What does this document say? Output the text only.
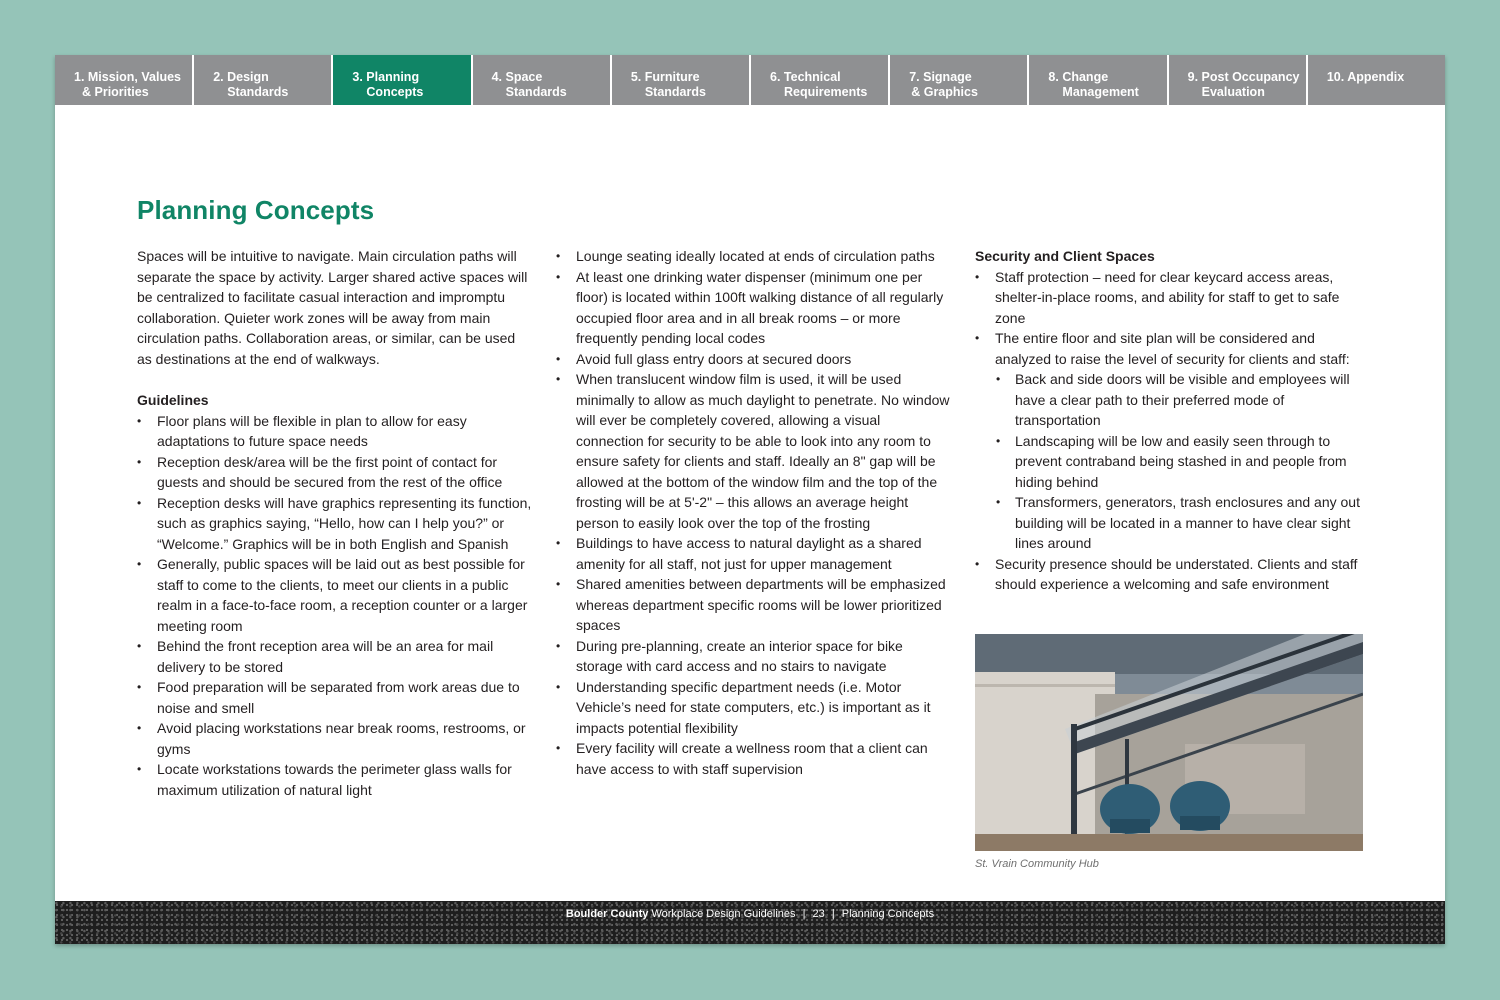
1. Mission, Values
& Priorities
2. Design
Standards
3. Planning
Concepts
4. Space
Standards
5. Furniture
Standards
6. Technical
Requirements
7. Signage
& Graphics
8. Change
Management
9. Post Occupancy
Evaluation
10. Appendix
Planning Concepts

Spaces will be intuitive to navigate. Main circulation paths will separate the space by activity. Larger shared active spaces will be centralized to facilitate casual interaction and impromptu collaboration. Quieter work zones will be away from main circulation paths. Collaboration areas, or similar, can be used as destinations at the end of walkways.

Guidelines
• Floor plans will be flexible in plan to allow for easy adaptations to future space needs
• Reception desk/area will be the first point of contact for guests and should be secured from the rest of the office
• Reception desks will have graphics representing its function, such as graphics saying, “Hello, how can I help you?” or “Welcome.” Graphics will be in both English and Spanish
• Generally, public spaces will be laid out as best possible for staff to come to the clients, to meet our clients in a public realm in a face-to-face room, a reception counter or a larger meeting room
• Behind the front reception area will be an area for mail delivery to be stored
• Food preparation will be separated from work areas due to noise and smell
• Avoid placing workstations near break rooms, restrooms, or gyms
• Locate workstations towards the perimeter glass walls for maximum utilization of natural light
• Lounge seating ideally located at ends of circulation paths
• At least one drinking water dispenser (minimum one per floor) is located within 100ft walking distance of all regularly occupied floor area and in all break rooms – or more frequently pending local codes
• Avoid full glass entry doors at secured doors
• When translucent window film is used, it will be used minimally to allow as much daylight to penetrate. No window will ever be completely covered, allowing a visual connection for security to be able to look into any room to ensure safety for clients and staff. Ideally an 8" gap will be allowed at the bottom of the window film and the top of the frosting will be at 5'-2" – this allows an average height person to easily look over the top of the frosting
• Buildings to have access to natural daylight as a shared amenity for all staff, not just for upper management
• Shared amenities between departments will be emphasized whereas department specific rooms will be lower prioritized spaces
• During pre-planning, create an interior space for bike storage with card access and no stairs to navigate
• Understanding specific department needs (i.e. Motor Vehicle’s need for state computers, etc.) is important as it impacts potential flexibility
• Every facility will create a wellness room that a client can have access to with staff supervision
Security and Client Spaces
• Staff protection – need for clear keycard access areas, shelter-in-place rooms, and ability for staff to get to safe zone
• The entire floor and site plan will be considered and analyzed to raise the level of security for clients and staff:
• Back and side doors will be visible and employees will have a clear path to their preferred mode of transportation
• Landscaping will be low and easily seen through to prevent contraband being stashed in and people from hiding behind
• Transformers, generators, trash enclosures and any out building will be located in a manner to have clear sight lines around
• Security presence should be understated. Clients and staff should experience a welcoming and safe environment
St. Vrain Community Hub
Boulder County Workplace Design Guidelines | 23 | Planning Concepts
